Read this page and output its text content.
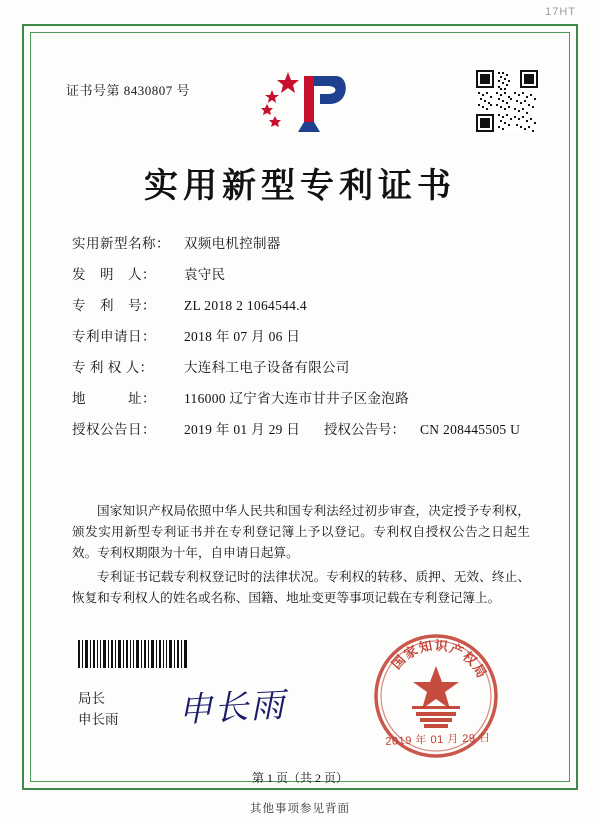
17HT
证书号第 8430807 号
实用新型专利证书
实用新型名称： 双频电机控制器
发　明　人： 袁守民
专　利　号： ZL 2018 2 1064544.4
专利申请日： 2018 年 07 月 06 日
专 利 权 人： 大连科工电子设备有限公司
地　　　址： 116000 辽宁省大连市甘井子区金泡路
授权公告日： 2019 年 01 月 29 日 授权公告号： CN 208445505 U
国家知识产权局依照中华人民共和国专利法经过初步审查，决定授予专利权，颁发实用新型专利证书并在专利登记簿上予以登记。专利权自授权公告之日起生效。专利权期限为十年，自申请日起算。
专利证书记载专利权登记时的法律状况。专利权的转移、质押、无效、终止、恢复和专利权人的姓名或名称、国籍、地址变更等事项记载在专利登记簿上。
局长
申长雨 申长雨
国
家
知 识 产
权
局
2019 年 01 月 29 日
第 1 页（共 2 页）
其他事项参见背面
